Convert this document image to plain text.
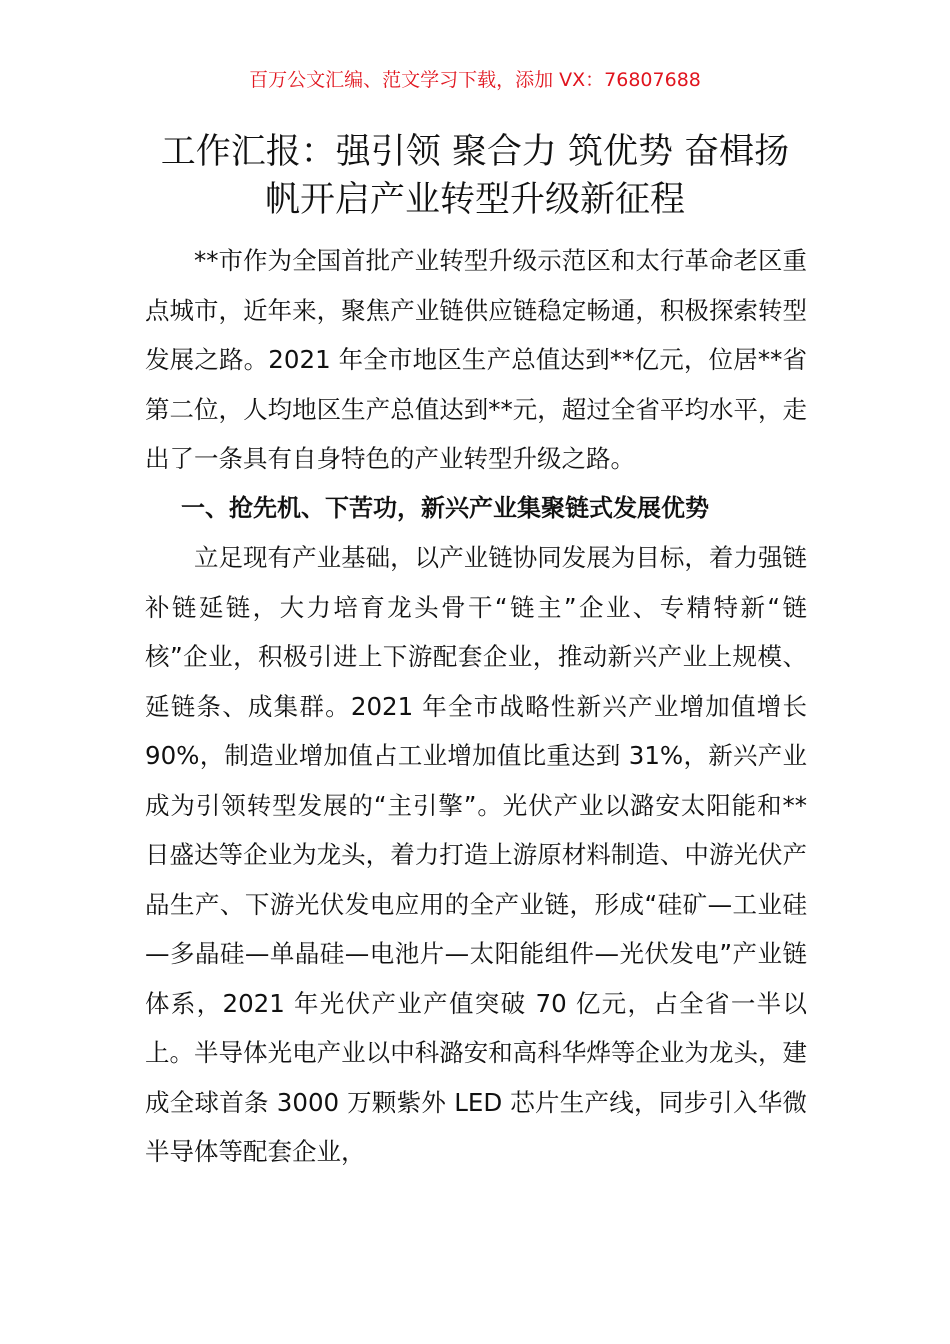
百万公文汇编、范文学习下载，添加 VX：76807688
工作汇报：强引领 聚合力 筑优势 奋楫扬
帆开启产业转型升级新征程

**市作为全国首批产业转型升级示范区和太行革命老区重点城市，近年来，聚焦产业链供应链稳定畅通，积极探索转型发展之路。2021 年全市地区生产总值达到**亿元，位居**省第二位，人均地区生产总值达到**元，超过全省平均水平，走出了一条具有自身特色的产业转型升级之路。

一、抢先机、下苦功，新兴产业集聚链式发展优势

立足现有产业基础，以产业链协同发展为目标，着力强链补链延链，大力培育龙头骨干“链主”企业、专精特新“链核”企业，积极引进上下游配套企业，推动新兴产业上规模、延链条、成集群。2021 年全市战略性新兴产业增加值增长 90%，制造业增加值占工业增加值比重达到 31%，新兴产业成为引领转型发展的“主引擎”。光伏产业以潞安太阳能和**日盛达等企业为龙头，着力打造上游原材料制造、中游光伏产品生产、下游光伏发电应用的全产业链，形成“硅矿—工业硅—多晶硅—单晶硅—电池片—太阳能组件—光伏发电”产业链体系，2021 年光伏产业产值突破 70 亿元，占全省一半以上。半导体光电产业以中科潞安和高科华烨等企业为龙头，建成全球首条 3000 万颗紫外 LED 芯片生产线，同步引入华微半导体等配套企业，
